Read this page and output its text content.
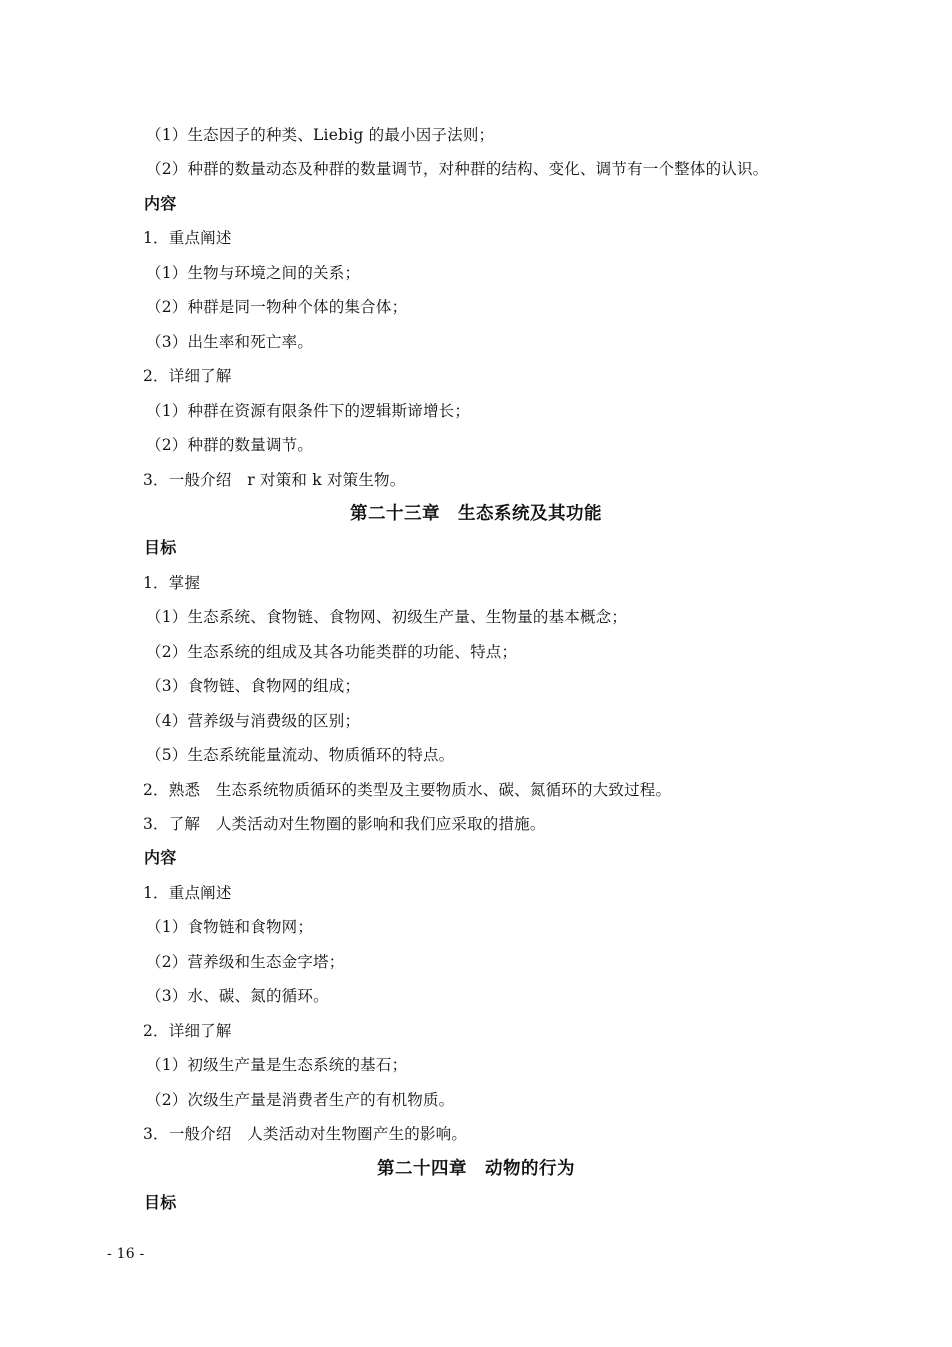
（1）生态因子的种类、Liebig 的最小因子法则；
（2）种群的数量动态及种群的数量调节，对种群的结构、变化、调节有一个整体的认识。
内容
1．重点阐述
（1）生物与环境之间的关系；
（2）种群是同一物种个体的集合体；
（3）出生率和死亡率。
2．详细了解
（1）种群在资源有限条件下的逻辑斯谛增长；
（2）种群的数量调节。
3．一般介绍　r 对策和 k 对策生物。
第二十三章　生态系统及其功能
目标
1．掌握
（1）生态系统、食物链、食物网、初级生产量、生物量的基本概念；
（2）生态系统的组成及其各功能类群的功能、特点；
（3）食物链、食物网的组成；
（4）营养级与消费级的区别；
（5）生态系统能量流动、物质循环的特点。
2．熟悉　生态系统物质循环的类型及主要物质水、碳、氮循环的大致过程。
3．了解　人类活动对生物圈的影响和我们应采取的措施。
内容
1．重点阐述
（1）食物链和食物网；
（2）营养级和生态金字塔；
（3）水、碳、氮的循环。
2．详细了解
（1）初级生产量是生态系统的基石；
（2）次级生产量是消费者生产的有机物质。
3．一般介绍　人类活动对生物圈产生的影响。
第二十四章　动物的行为
目标
- 16 -
